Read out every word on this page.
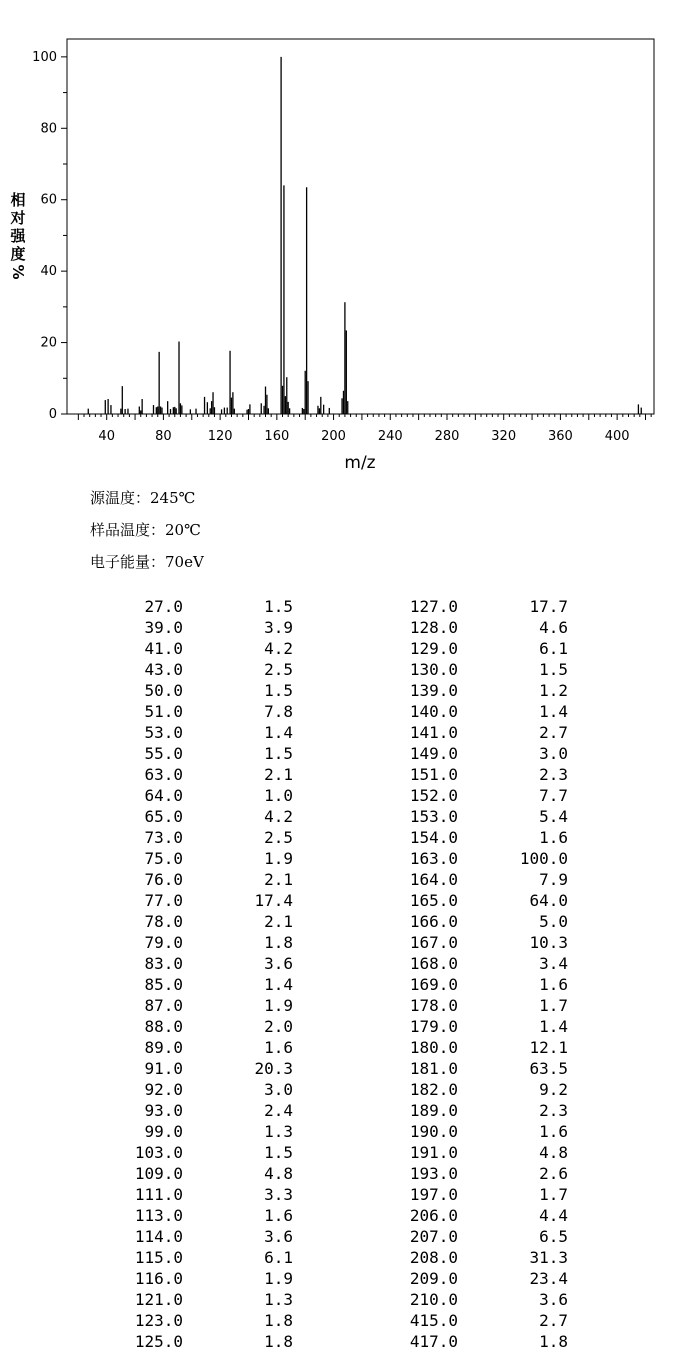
0
20
40
60
80
100
40	80	120 160 200 240 280 320 360 400
相
对
强
度
%
m/z
源温度：245℃
样品温度：20℃
电子能量：70eV
27.0	1.5	127.0	17.7
39.0	3.9	128.0	4.6
41.0	4.2	129.0	6.1
43.0	2.5	130.0	1.5
50.0	1.5	139.0	1.2
51.0	7.8	140.0	1.4
53.0	1.4	141.0	2.7
55.0	1.5	149.0	3.0
63.0	2.1	151.0	2.3
64.0	1.0	152.0	7.7
65.0	4.2	153.0	5.4
73.0	2.5	154.0	1.6
75.0	1.9	163.0	100.0
76.0	2.1	164.0	7.9
77.0	17.4	165.0	64.0
78.0	2.1	166.0	5.0
79.0	1.8	167.0	10.3
83.0	3.6	168.0	3.4
85.0	1.4	169.0	1.6
87.0	1.9	178.0	1.7
88.0	2.0	179.0	1.4
89.0	1.6	180.0	12.1
91.0	20.3	181.0	63.5
92.0	3.0	182.0	9.2
93.0	2.4	189.0	2.3
99.0	1.3	190.0	1.6
103.0	1.5	191.0	4.8
109.0	4.8	193.0	2.6
111.0	3.3	197.0	1.7
113.0	1.6	206.0	4.4
114.0	3.6	207.0	6.5
115.0	6.1	208.0	31.3
116.0	1.9	209.0	23.4
121.0	1.3	210.0	3.6
123.0	1.8	415.0	2.7
125.0	1.8	417.0	1.8
